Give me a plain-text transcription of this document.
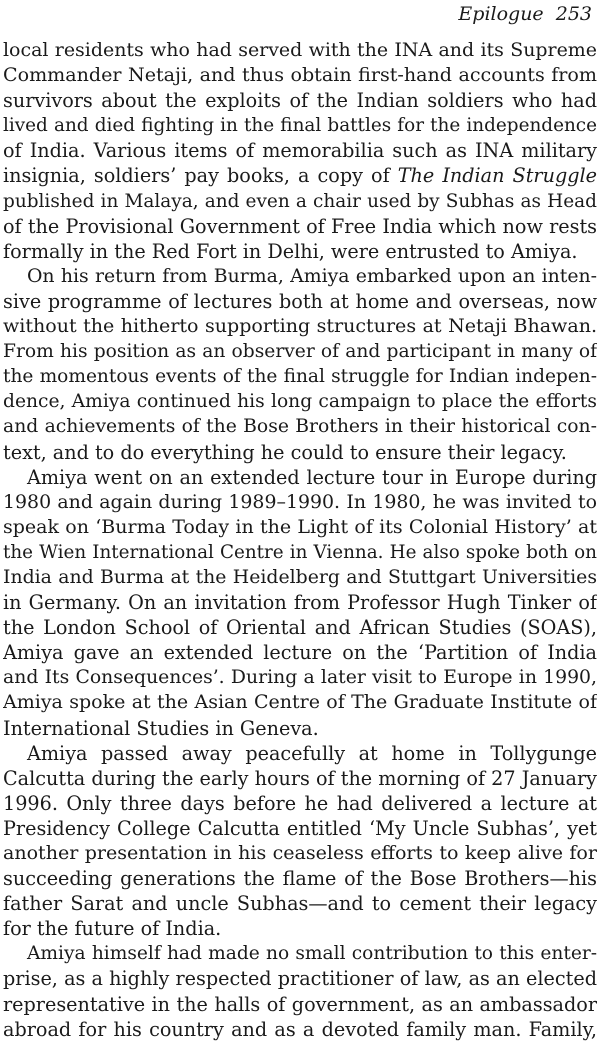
Epilogue 253
local residents who had served with the INA and its Supreme
Commander Netaji, and thus obtain first-hand accounts from
survivors about the exploits of the Indian soldiers who had
lived and died fighting in the final battles for the independence
of India. Various items of memorabilia such as INA military
insignia, soldiers’ pay books, a copy of The Indian Struggle
published in Malaya, and even a chair used by Subhas as Head
of the Provisional Government of Free India which now rests
formally in the Red Fort in Delhi, were entrusted to Amiya.
On his return from Burma, Amiya embarked upon an inten-
sive programme of lectures both at home and overseas, now
without the hitherto supporting structures at Netaji Bhawan.
From his position as an observer of and participant in many of
the momentous events of the final struggle for Indian indepen-
dence, Amiya continued his long campaign to place the efforts
and achievements of the Bose Brothers in their historical con-
text, and to do everything he could to ensure their legacy.
Amiya went on an extended lecture tour in Europe during
1980 and again during 1989–1990. In 1980, he was invited to
speak on ‘Burma Today in the Light of its Colonial History’ at
the Wien International Centre in Vienna. He also spoke both on
India and Burma at the Heidelberg and Stuttgart Universities
in Germany. On an invitation from Professor Hugh Tinker of
the London School of Oriental and African Studies (SOAS),
Amiya gave an extended lecture on the ‘Partition of India
and Its Consequences’. During a later visit to Europe in 1990,
Amiya spoke at the Asian Centre of The Graduate Institute of
International Studies in Geneva.
Amiya passed away peacefully at home in Tollygunge
Calcutta during the early hours of the morning of 27 January
1996. Only three days before he had delivered a lecture at
Presidency College Calcutta entitled ‘My Uncle Subhas’, yet
another presentation in his ceaseless efforts to keep alive for
succeeding generations the flame of the Bose Brothers—his
father Sarat and uncle Subhas—and to cement their legacy
for the future of India.
Amiya himself had made no small contribution to this enter-
prise, as a highly respected practitioner of law, as an elected
representative in the halls of government, as an ambassador
abroad for his country and as a devoted family man. Family,
